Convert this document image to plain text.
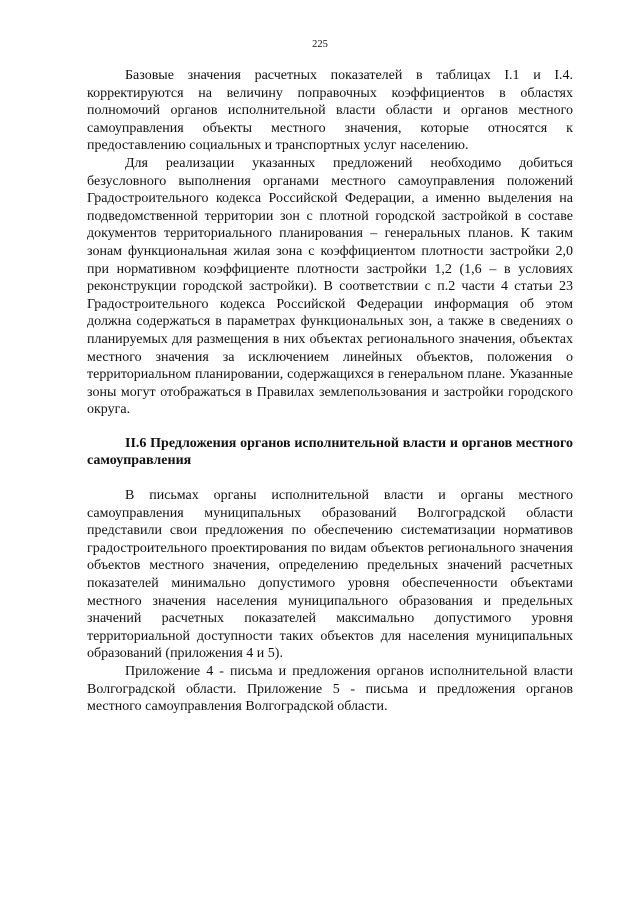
225

Базовые значения расчетных показателей в таблицах I.1 и I.4. корректируются на величину поправочных коэффициентов в областях полномочий органов исполнительной власти области и органов местного самоуправления объекты местного значения, которые относятся к предоставлению социальных и транспортных услуг населению.

Для реализации указанных предложений необходимо добиться безусловного выполнения органами местного самоуправления положений Градостроительного кодекса Российской Федерации, а именно выделения на подведомственной территории зон с плотной городской застройкой в составе документов территориального планирования – генеральных планов. К таким зонам функциональная жилая зона с коэффициентом плотности застройки 2,0 при нормативном коэффициенте плотности застройки 1,2 (1,6 – в условиях реконструкции городской застройки). В соответствии с п.2 части 4 статьи 23 Градостроительного кодекса Российской Федерации информация об этом должна содержаться в параметрах функциональных зон, а также в сведениях о планируемых для размещения в них объектах регионального значения, объектах местного значения за исключением линейных объектов, положения о территориальном планировании, содержащихся в генеральном плане. Указанные зоны могут отображаться в Правилах землепользования и застройки городского округа.

II.6 Предложения органов исполнительной власти и органов местного самоуправления

В письмах органы исполнительной власти и органы местного самоуправления муниципальных образований Волгоградской области представили свои предложения по обеспечению систематизации нормативов градостроительного проектирования по видам объектов регионального значения объектов местного значения, определению предельных значений расчетных показателей минимально допустимого уровня обеспеченности объектами местного значения населения муниципального образования и предельных значений расчетных показателей максимально допустимого уровня территориальной доступности таких объектов для населения муниципальных образований (приложения 4 и 5).

Приложение 4 - письма и предложения органов исполнительной власти Волгоградской области. Приложение 5 - письма и предложения органов местного самоуправления Волгоградской области.
